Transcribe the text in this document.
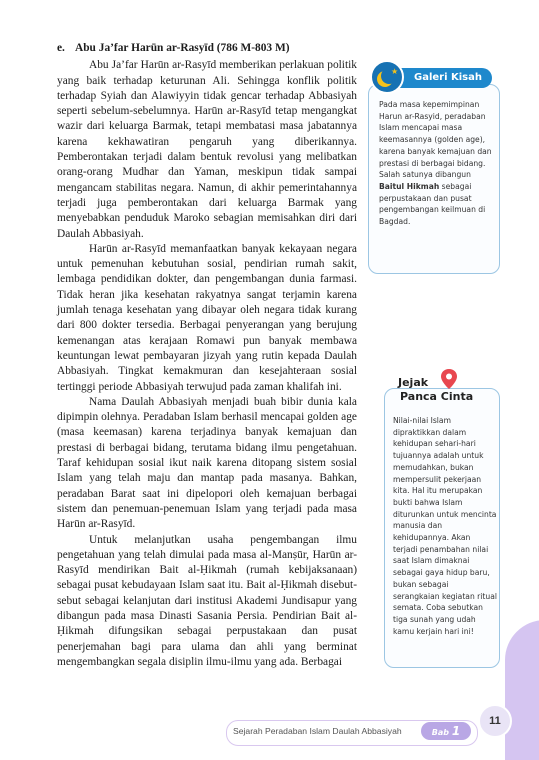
e. Abu Ja’far Harūn ar-Rasyīd (786 M-803 M)

Abu Ja’far Harūn ar-Rasyīd memberikan perlakuan politik yang baik terhadap keturunan Ali. Sehingga konflik politik terhadap Syiah dan Alawiyyin tidak gencar terhadap Abbasiyah seperti sebelum-sebelumnya. Harūn ar-Rasyīd tetap mengangkat wazir dari keluarga Barmak, tetapi membatasi masa jabatannya karena kekhawatiran pengaruh yang diberikannya. Pemberontakan terjadi dalam bentuk revolusi yang melibatkan orang-orang Mudhar dan Yaman, meskipun tidak sampai mengancam stabilitas negara. Namun, di akhir pemerintahannya terjadi juga pemberontakan dari keluarga Barmak yang menyebabkan penduduk Maroko sebagian memisahkan diri dari Daulah Abbasiyah.

Harūn ar-Rasyīd memanfaatkan banyak kekayaan negara untuk pemenuhan kebutuhan sosial, pendirian rumah sakit, lembaga pendidikan dokter, dan pengembangan dunia farmasi. Tidak heran jika kesehatan rakyatnya sangat terjamin karena jumlah tenaga kesehatan yang dibayar oleh negara tidak kurang dari 800 dokter tersedia. Berbagai penyerangan yang berujung kemenangan atas kerajaan Romawi pun banyak membawa keuntungan lewat pembayaran jizyah yang rutin kepada Daulah Abbasiyah. Tingkat kemakmuran dan kesejahteraan sosial tertinggi periode Abbasiyah terwujud pada zaman khalifah ini.

Nama Daulah Abbasiyah menjadi buah bibir dunia kala dipimpin olehnya. Peradaban Islam berhasil mencapai golden age (masa keemasan) karena terjadinya banyak kemajuan dan prestasi di berbagai bidang, terutama bidang ilmu pengetahuan. Taraf kehidupan sosial ikut naik karena ditopang sistem sosial Islam yang telah maju dan mantap pada masanya. Bahkan, peradaban Barat saat ini dipelopori oleh kemajuan berbagai sistem dan penemuan-penemuan Islam yang terjadi pada masa Harūn ar-Rasyīd.

Untuk melanjutkan usaha pengembangan ilmu pengetahuan yang telah dimulai pada masa al-Manṣūr, Harūn ar-Rasyīd mendirikan Bait al-Ḥikmah (rumah kebijaksanaan) sebagai pusat kebudayaan Islam saat itu. Bait al-Ḥikmah disebut-sebut sebagai kelanjutan dari institusi Akademi Jundisapur yang dibangun pada masa Dinasti Sasania Persia. Pendirian Bait al-Ḥikmah difungsikan sebagai perpustakaan dan pusat penerjemahan bagi para ulama dan ahli yang berminat mengembangkan segala disiplin ilmu-ilmu yang ada. Berbagai

Pada masa kepemimpinan Harun ar-Rasyid, peradaban Islam mencapai masa keemasannya (golden age), karena banyak kemajuan dan prestasi di berbagai bidang. Salah satunya dibangun Baitul Hikmah sebagai perpustakaan dan pusat pengembangan keilmuan di Bagdad.
Galeri Kisah
★
Nilai-nilai Islam dipraktikkan dalam kehidupan sehari-hari tujuannya adalah untuk memudahkan, bukan mempersulit pekerjaan kita. Hal itu merupakan bukti bahwa Islam diturunkan untuk mencinta manusia dan kehidupannya. Akan terjadi penambahan nilai saat Islam dimaknai sebagai gaya hidup baru, bukan sebagai serangkaian kegiatan ritual semata. Coba sebutkan tiga sunah yang udah kamu kerjain hari ini!
Jejak
Panca Cinta
Sejarah Peradaban Islam Daulah Abbasiyah	Bab 1
11
